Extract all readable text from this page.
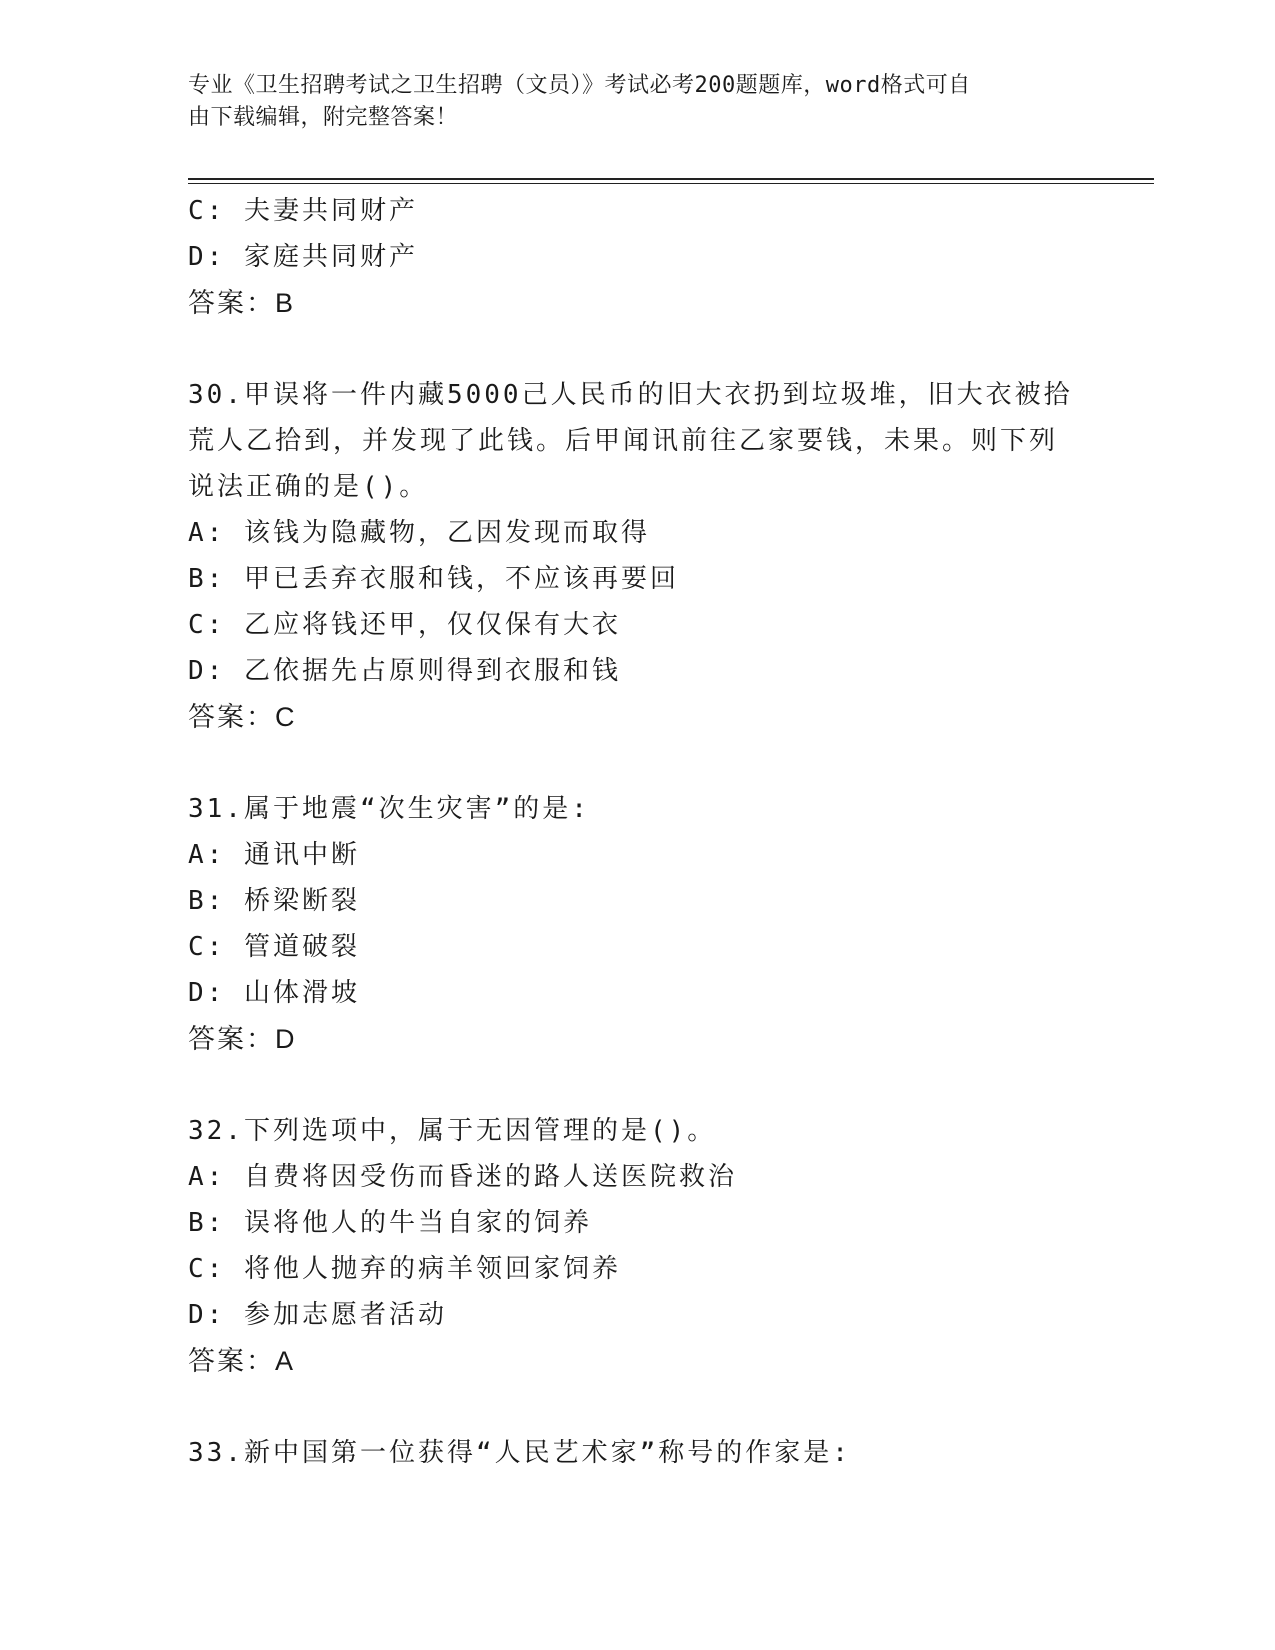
专业《卫生招聘考试之卫生招聘（文员）》考试必考200题题库，word格式可自
由下载编辑，附完整答案！
C: 夫妻共同财产
D: 家庭共同财产
答案：B
30.甲误将一件内藏5000己人民币的旧大衣扔到垃圾堆，旧大衣被拾
荒人乙拾到，并发现了此钱。后甲闻讯前往乙家要钱，未果。则下列
说法正确的是()。
A: 该钱为隐藏物，乙因发现而取得
B: 甲已丢弃衣服和钱，不应该再要回
C: 乙应将钱还甲，仅仅保有大衣
D: 乙依据先占原则得到衣服和钱
答案：C
31.属于地震“次生灾害”的是:
A: 通讯中断
B: 桥梁断裂
C: 管道破裂
D: 山体滑坡
答案：D
32.下列选项中，属于无因管理的是()。
A: 自费将因受伤而昏迷的路人送医院救治
B: 误将他人的牛当自家的饲养
C: 将他人抛弃的病羊领回家饲养
D: 参加志愿者活动
答案：A
33.新中国第一位获得“人民艺术家”称号的作家是:
